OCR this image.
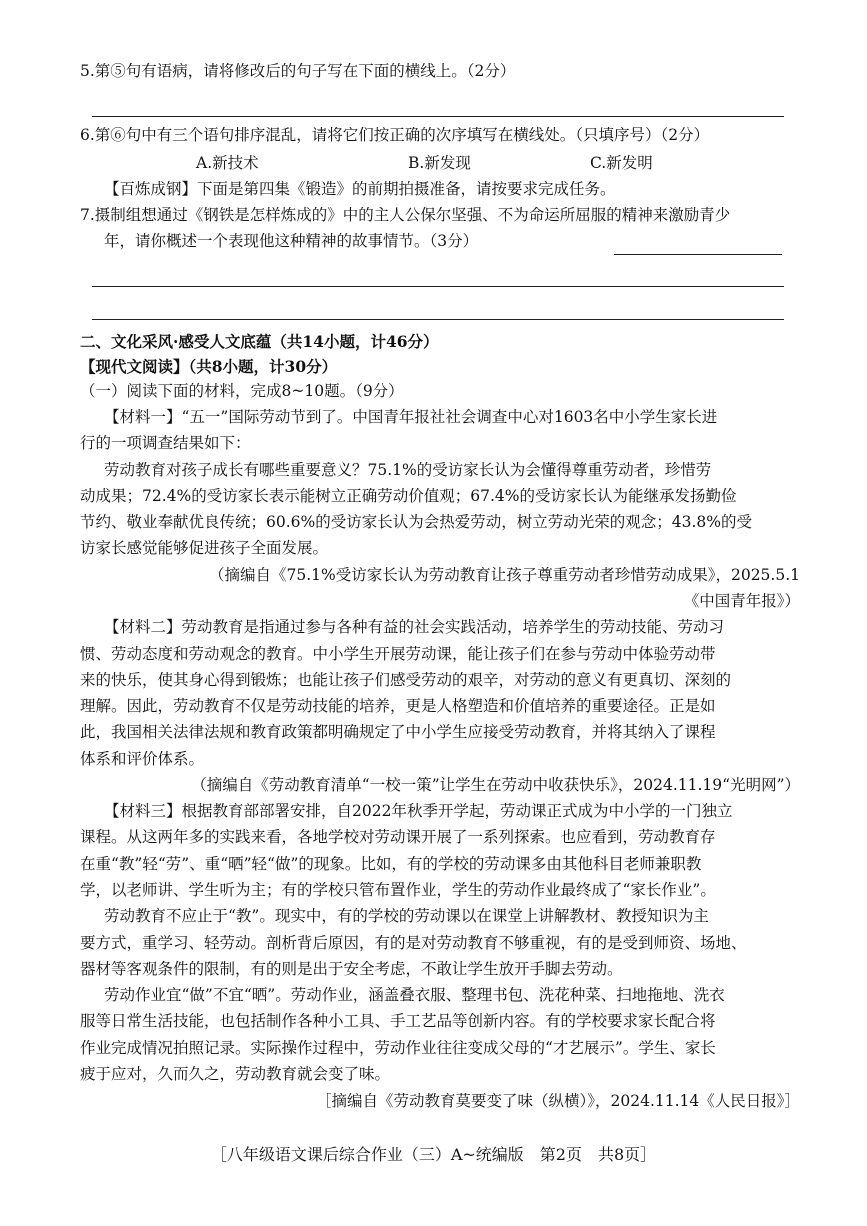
5.第⑤句有语病，请将修改后的句子写在下面的横线上。（2分）
6.第⑥句中有三个语句排序混乱，请将它们按正确的次序填写在横线处。（只填序号）（2分）
A.新技术	B.新发现	C.新发明
【百炼成钢】下面是第四集《锻造》的前期拍摄准备，请按要求完成任务。
7.摄制组想通过《钢铁是怎样炼成的》中的主人公保尔坚强、不为命运所屈服的精神来激励青少
年，请你概述一个表现他这种精神的故事情节。（3分）
二、文化采风·感受人文底蕴（共14小题，计46分）
【现代文阅读】（共8小题，计30分）
（一）阅读下面的材料，完成8~10题。（9分）
【材料一】“五一”国际劳动节到了。中国青年报社社会调查中心对1603名中小学生家长进
行的一项调查结果如下：
劳动教育对孩子成长有哪些重要意义？75.1%的受访家长认为会懂得尊重劳动者，珍惜劳
动成果；72.4%的受访家长表示能树立正确劳动价值观；67.4%的受访家长认为能继承发扬勤俭
节约、敬业奉献优良传统；60.6%的受访家长认为会热爱劳动，树立劳动光荣的观念；43.8%的受
访家长感觉能够促进孩子全面发展。
（摘编自《75.1%受访家长认为劳动教育让孩子尊重劳动者珍惜劳动成果》，2025.5.1
《中国青年报》）
【材料二】劳动教育是指通过参与各种有益的社会实践活动，培养学生的劳动技能、劳动习
惯、劳动态度和劳动观念的教育。中小学生开展劳动课，能让孩子们在参与劳动中体验劳动带
来的快乐，使其身心得到锻炼；也能让孩子们感受劳动的艰辛，对劳动的意义有更真切、深刻的
理解。因此，劳动教育不仅是劳动技能的培养，更是人格塑造和价值培养的重要途径。正是如
此，我国相关法律法规和教育政策都明确规定了中小学生应接受劳动教育，并将其纳入了课程
体系和评价体系。
（摘编自《劳动教育清单“一校一策”让学生在劳动中收获快乐》，2024.11.19“光明网”）
【材料三】根据教育部部署安排，自2022年秋季开学起，劳动课正式成为中小学的一门独立
课程。从这两年多的实践来看，各地学校对劳动课开展了一系列探索。也应看到，劳动教育存
在重“教”轻“劳”、重“晒”轻“做”的现象。比如，有的学校的劳动课多由其他科目老师兼职教
学，以老师讲、学生听为主；有的学校只管布置作业，学生的劳动作业最终成了“家长作业”。
劳动教育不应止于“教”。现实中，有的学校的劳动课以在课堂上讲解教材、教授知识为主
要方式，重学习、轻劳动。剖析背后原因，有的是对劳动教育不够重视，有的是受到师资、场地、
器材等客观条件的限制，有的则是出于安全考虑，不敢让学生放开手脚去劳动。
劳动作业宜“做”不宜“晒”。劳动作业，涵盖叠衣服、整理书包、洗花种菜、扫地拖地、洗衣
服等日常生活技能，也包括制作各种小工具、手工艺品等创新内容。有的学校要求家长配合将
作业完成情况拍照记录。实际操作过程中，劳动作业往往变成父母的“才艺展示”。学生、家长
疲于应对，久而久之，劳动教育就会变了味。
［摘编自《劳动教育莫要变了味（纵横）》，2024.11.14《人民日报》］
［八年级语文课后综合作业（三）A~统编版　第2页　共8页］
